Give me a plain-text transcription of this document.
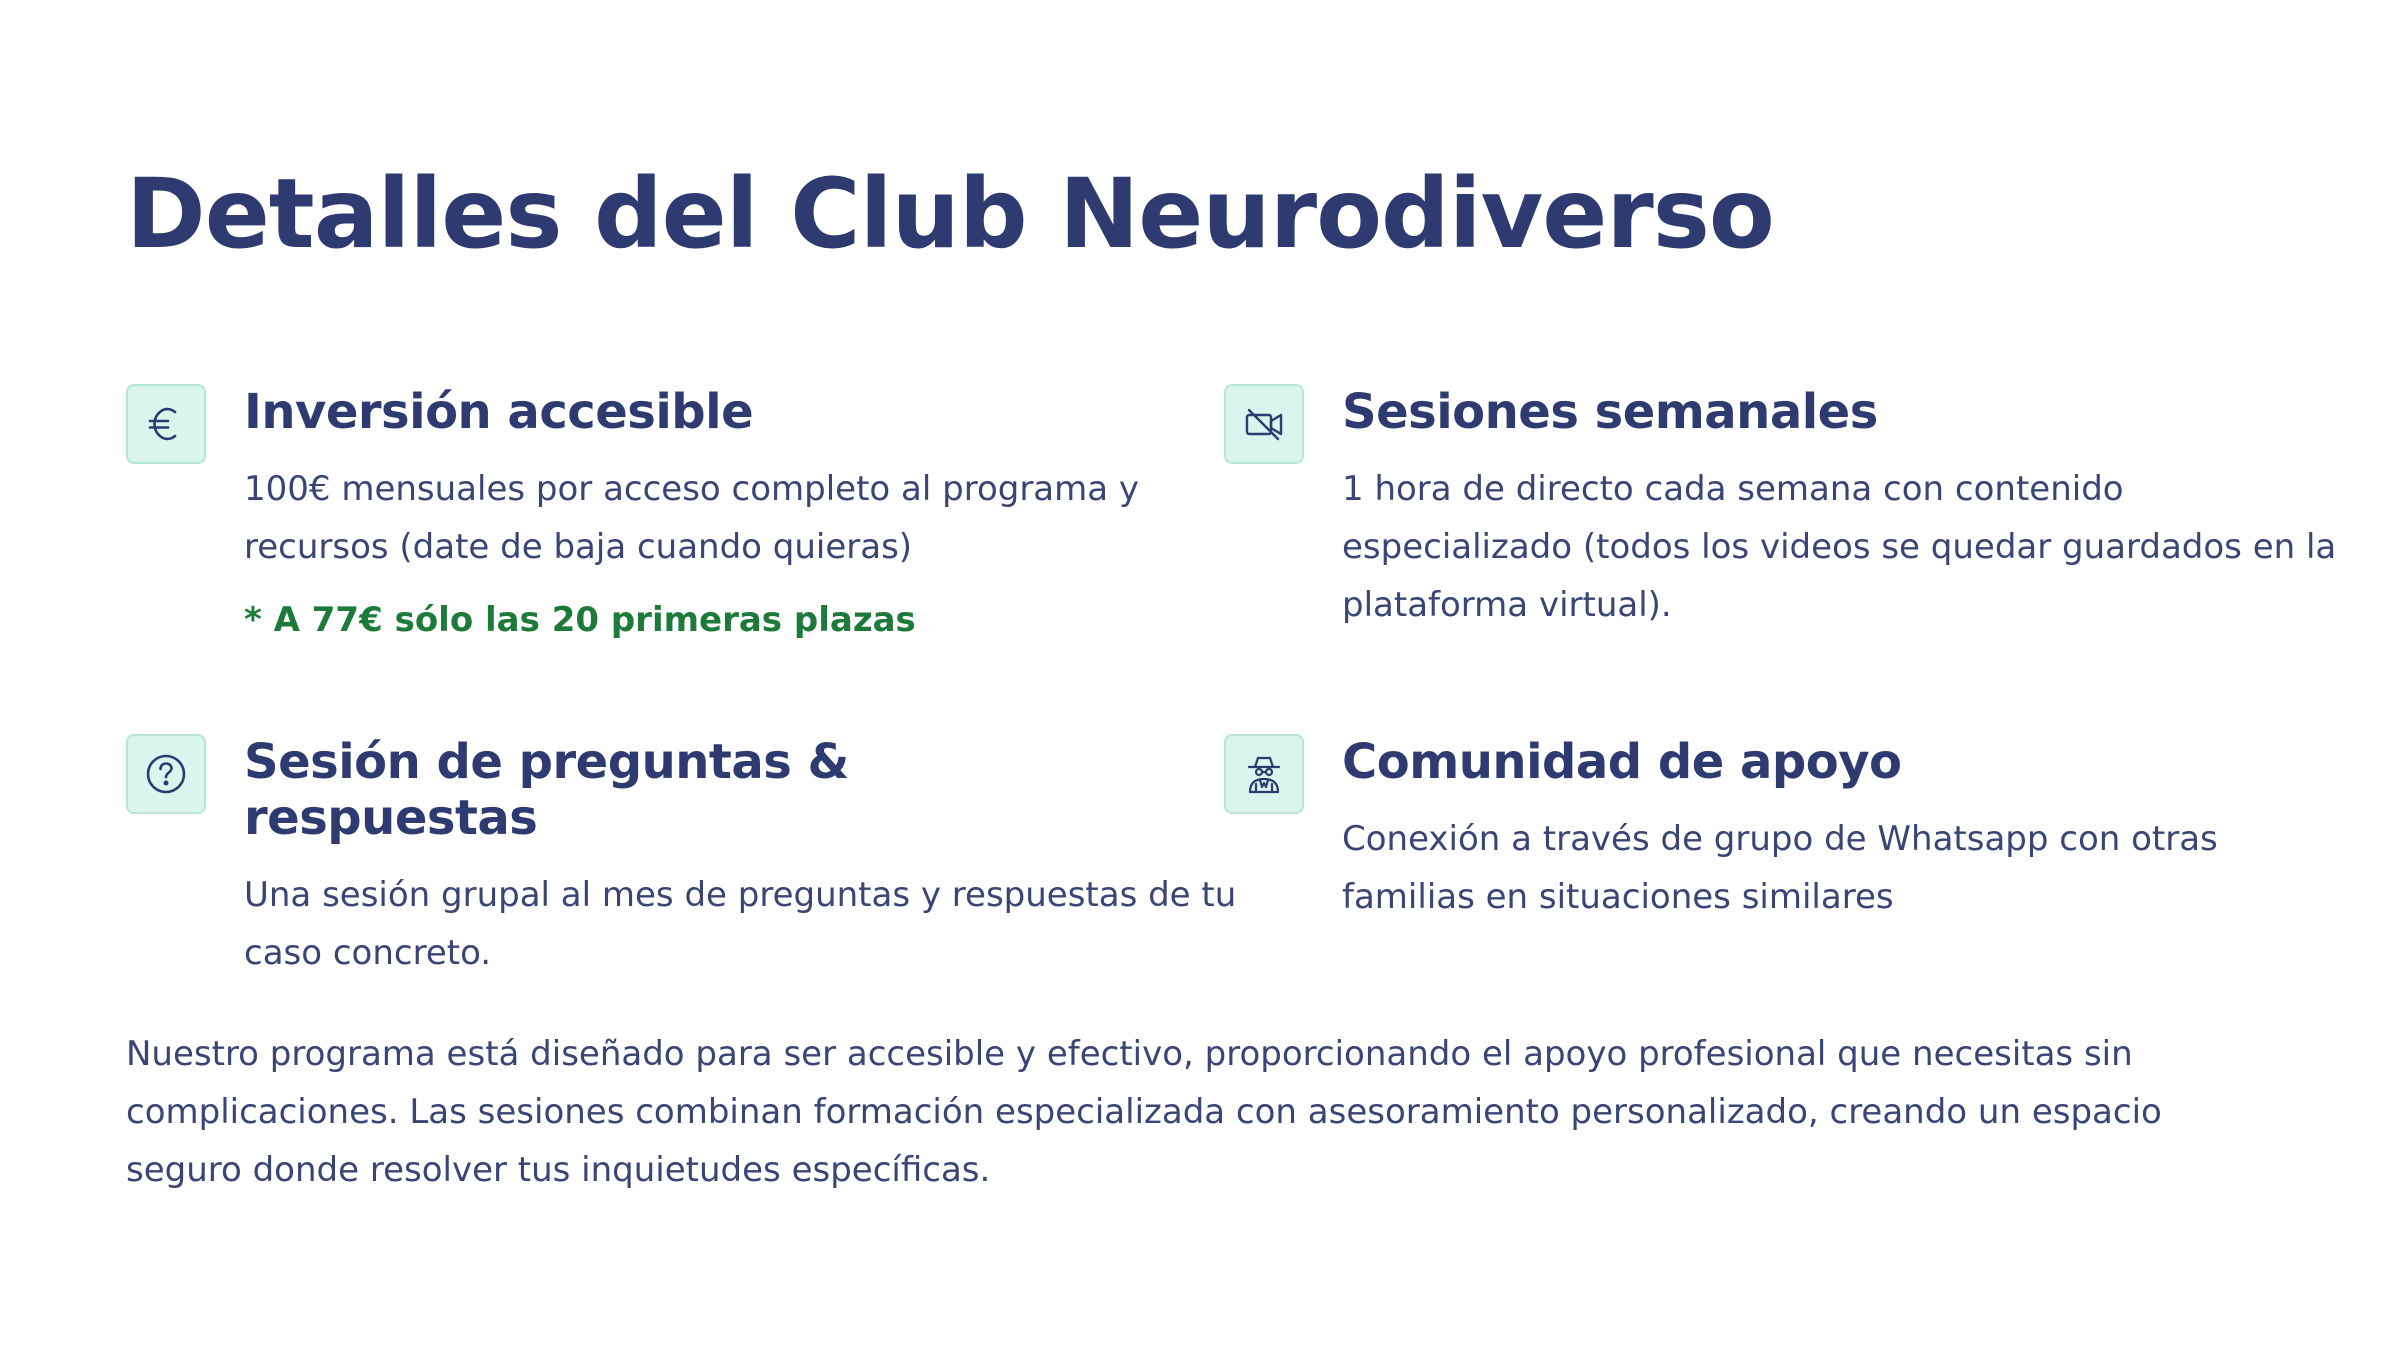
Detalles del Club Neurodiverso
Inversión accesible

100€ mensuales por acceso completo al programa y recursos (date de baja cuando quieras)

* A 77€ sólo las 20 primeras plazas

Sesiones semanales

1 hora de directo cada semana con contenido especializado (todos los videos se quedar guardados en la plataforma virtual).

Sesión de preguntas & respuestas

Una sesión grupal al mes de preguntas y respuestas de tu caso concreto.

Comunidad de apoyo

Conexión a través de grupo de Whatsapp con otras familias en situaciones similares

Nuestro programa está diseñado para ser accesible y efectivo, proporcionando el apoyo profesional que necesitas sin complicaciones. Las sesiones combinan formación especializada con asesoramiento personalizado, creando un espacio seguro donde resolver tus inquietudes específicas.
